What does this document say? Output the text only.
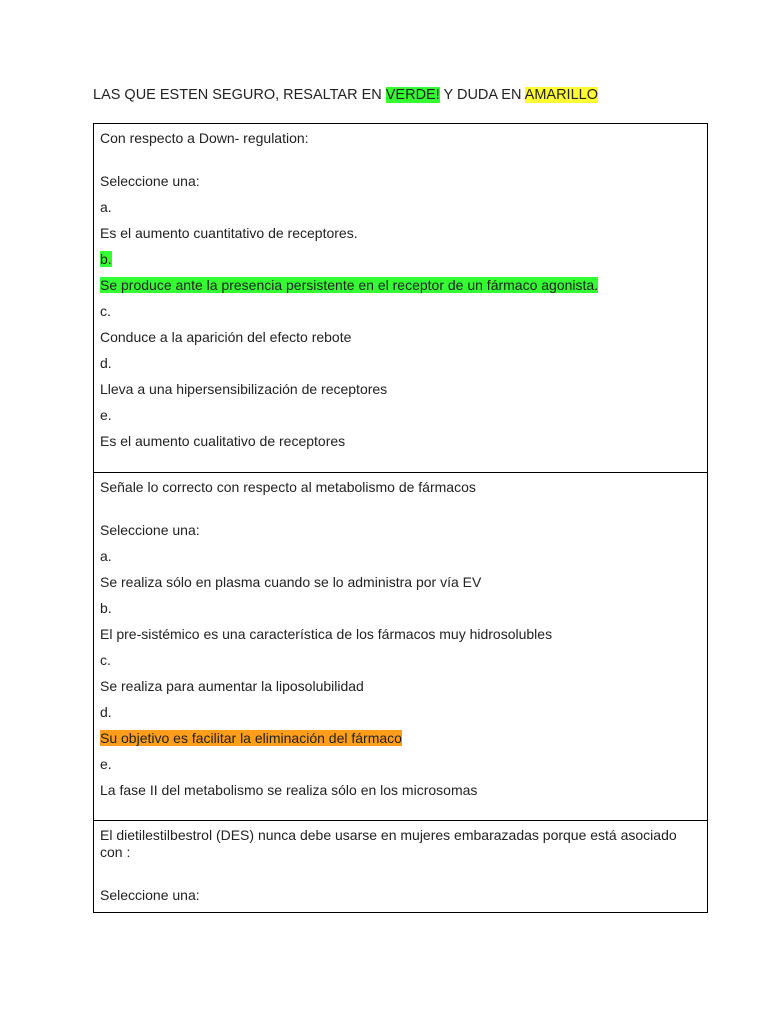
LAS QUE ESTEN SEGURO, RESALTAR EN VERDE! Y DUDA EN AMARILLO

Con respecto a Down- regulation:

Seleccione una:

a.

Es el aumento cuantitativo de receptores.

b.

Se produce ante la presencia persistente en el receptor de un fármaco agonista.

c.

Conduce a la aparición del efecto rebote

d.

Lleva a una hipersensibilización de receptores

e.

Es el aumento cualitativo de receptores

Señale lo correcto con respecto al metabolismo de fármacos

Seleccione una:

a.

Se realiza sólo en plasma cuando se lo administra por vía EV

b.

El pre-sistémico es una característica de los fármacos muy hidrosolubles

c.

Se realiza para aumentar la liposolubilidad

d.

Su objetivo es facilitar la eliminación del fármaco

e.

La fase II del metabolismo se realiza sólo en los microsomas

El dietilestilbestrol (DES) nunca debe usarse en mujeres embarazadas porque está asociado con :

Seleccione una:
